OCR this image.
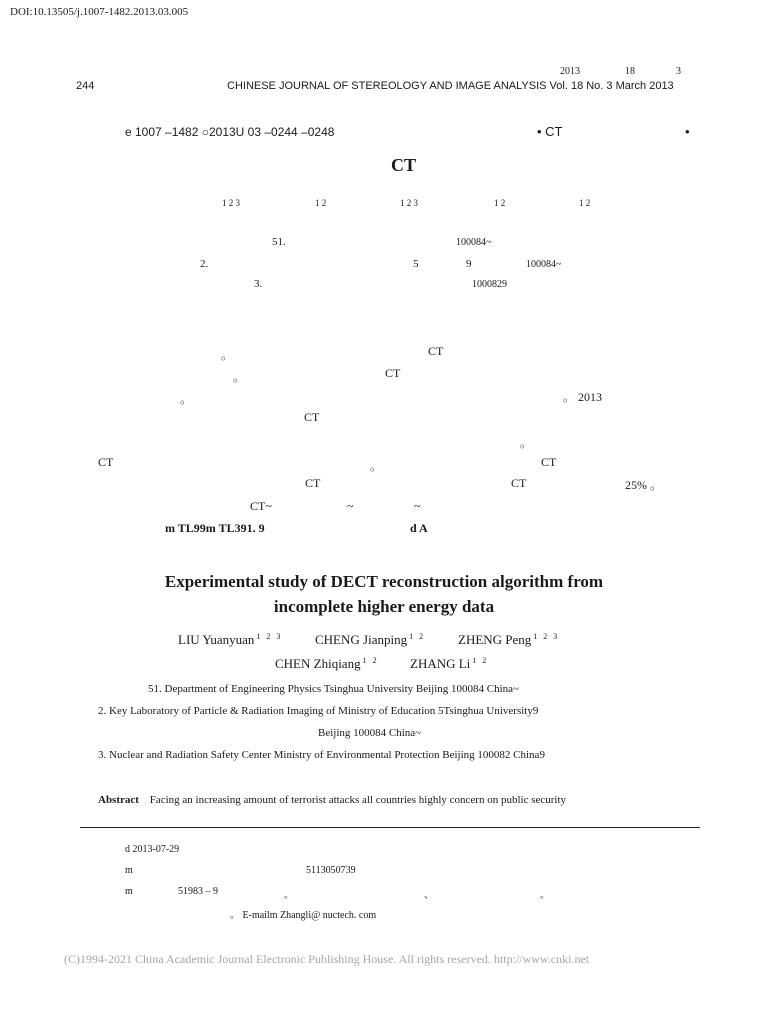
DOI:10.13505/j.1007-1482.2013.03.005
2013	18	3
244	CHINESE JOURNAL OF STEREOLOGY AND IMAGE ANALYSIS Vol. 18 No. 3 March 2013
e 1007 –1482 ○2013U 03 –0244 –0248	• CT	•
CT
1 2 3	1 2	1 2 3	1 2	1 2
51.	100084~
2.	5	9	100084~
3.	1000829
。	CT
。	CT
。	。 2013
CT
。
CT	。	CT
CT	CT	25% 。
CT~	~	~
m TL99m TL391. 9	d A
Experimental study of DECT reconstruction algorithm from
incomplete higher energy data
LIU Yuanyuan $^{1 2 3}$	CHENG Jianping $^{1 2}$	ZHENG Peng $^{1 2 3}$
CHEN Zhiqiang $^{1 2}$ ZHANG Li $^{1 2}$
51. Department of Engineering Physics Tsinghua University Beijing 100084 China~
2. Key Laboratory of Particle & Radiation Imaging of Ministry of Education 5Tsinghua University9
Beijing 100084 China~
3. Nuclear and Radiation Safety Center Ministry of Environmental Protection Beijing 100082 China9
Abstract Facing an increasing amount of terrorist attacks all countries highly concern on public security
d 2013-07-29
m	5113050739
m	51983 – 9	。	、	。
。 E-mailm Zhangli@ nuctech. com
(C)1994-2021 China Academic Journal Electronic Publishing House. All rights reserved. http://www.cnki.net
